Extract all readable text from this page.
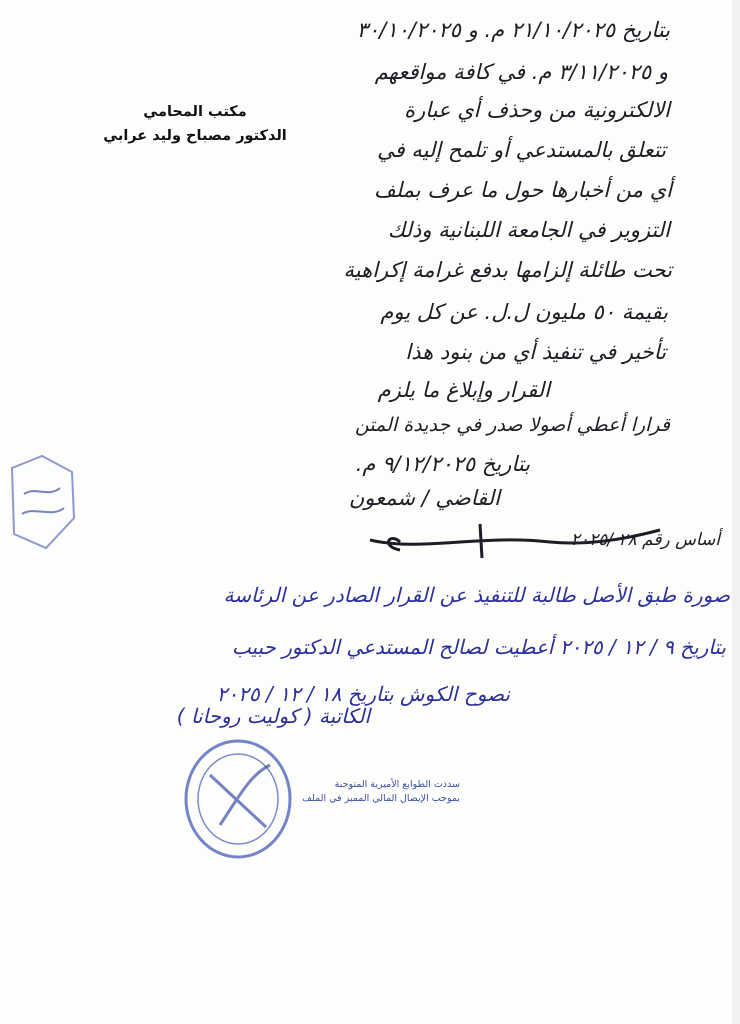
مكتب المحامي
الدكتور مصباح وليد عرابي
بتاريخ ٢١/١٠/٢٠٢٥ م. و ٣٠/١٠/٢٠٢٥
و ٣/١١/٢٠٢٥ م. في كافة مواقعهم
الالكترونية من وحذف أي عبارة
تتعلق بالمستدعي أو تلمح إليه في
أي من أخبارها حول ما عرف بملف
التزوير في الجامعة اللبنانية وذلك
تحت طائلة إلزامها بدفع غرامة إكراهية
بقيمة ٥٠ مليون ل.ل. عن كل يوم
تأخير في تنفيذ أي من بنود هذا
القرار وإبلاغ ما يلزم
قرارا أعطي أصولا صدر في جديدة المتن
بتاريخ ٩/١٢/٢٠٢٥ م.
القاضي / شمعون
أساس رقم ٢٨ /٢٠٢٥
صورة طبق الأصل طالبة للتنفيذ عن القرار الصادر عن الرئاسة
بتاريخ ٩ / ١٢ / ٢٠٢٥ أعطيت لصالح المستدعي الدكتور حبيب
نصوح الكوش بتاريخ ١٨ / ١٢ / ٢٠٢٥
الكاتبة ( كوليت روحانا )
سددت الطوابع الأميرية المتوجبة
بموجب الإيصال المالي المميز في الملف
